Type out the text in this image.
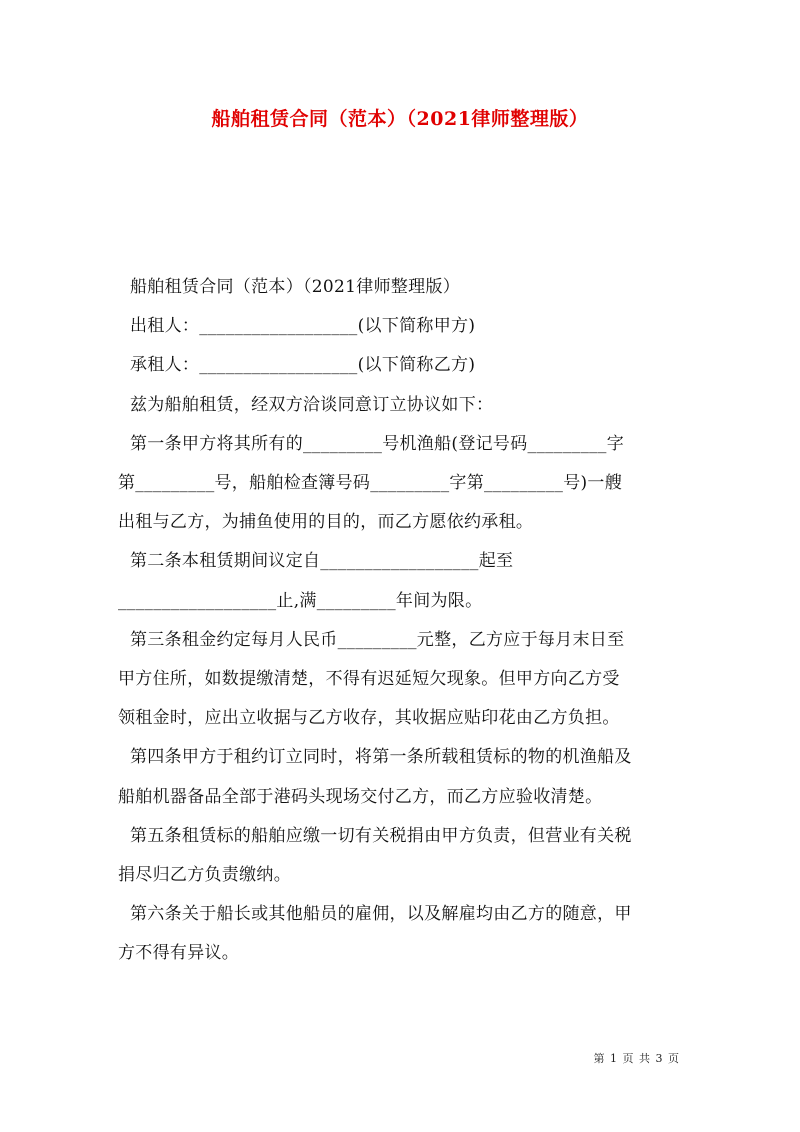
船舶租赁合同（范本）（2021律师整理版）

船舶租赁合同（范本）（2021律师整理版）

出租人：__________________(以下简称甲方)

承租人：__________________(以下简称乙方)

兹为船舶租赁，经双方洽谈同意订立协议如下：

第一条甲方将其所有的_________号机渔船(登记号码_________字

第_________号，船舶检查簿号码_________字第_________号)一艘

出租与乙方，为捕鱼使用的目的，而乙方愿依约承租。

第二条本租赁期间议定自__________________起至

__________________止,满_________年间为限。

第三条租金约定每月人民币_________元整，乙方应于每月末日至

甲方住所，如数提缴清楚，不得有迟延短欠现象。但甲方向乙方受

领租金时，应出立收据与乙方收存，其收据应贴印花由乙方负担。

第四条甲方于租约订立同时，将第一条所载租赁标的物的机渔船及

船舶机器备品全部于港码头现场交付乙方，而乙方应验收清楚。

第五条租赁标的船舶应缴一切有关税捐由甲方负责，但营业有关税

捐尽归乙方负责缴纳。

第六条关于船长或其他船员的雇佣，以及解雇均由乙方的随意，甲

方不得有异议。

第 1 页 共 3 页
